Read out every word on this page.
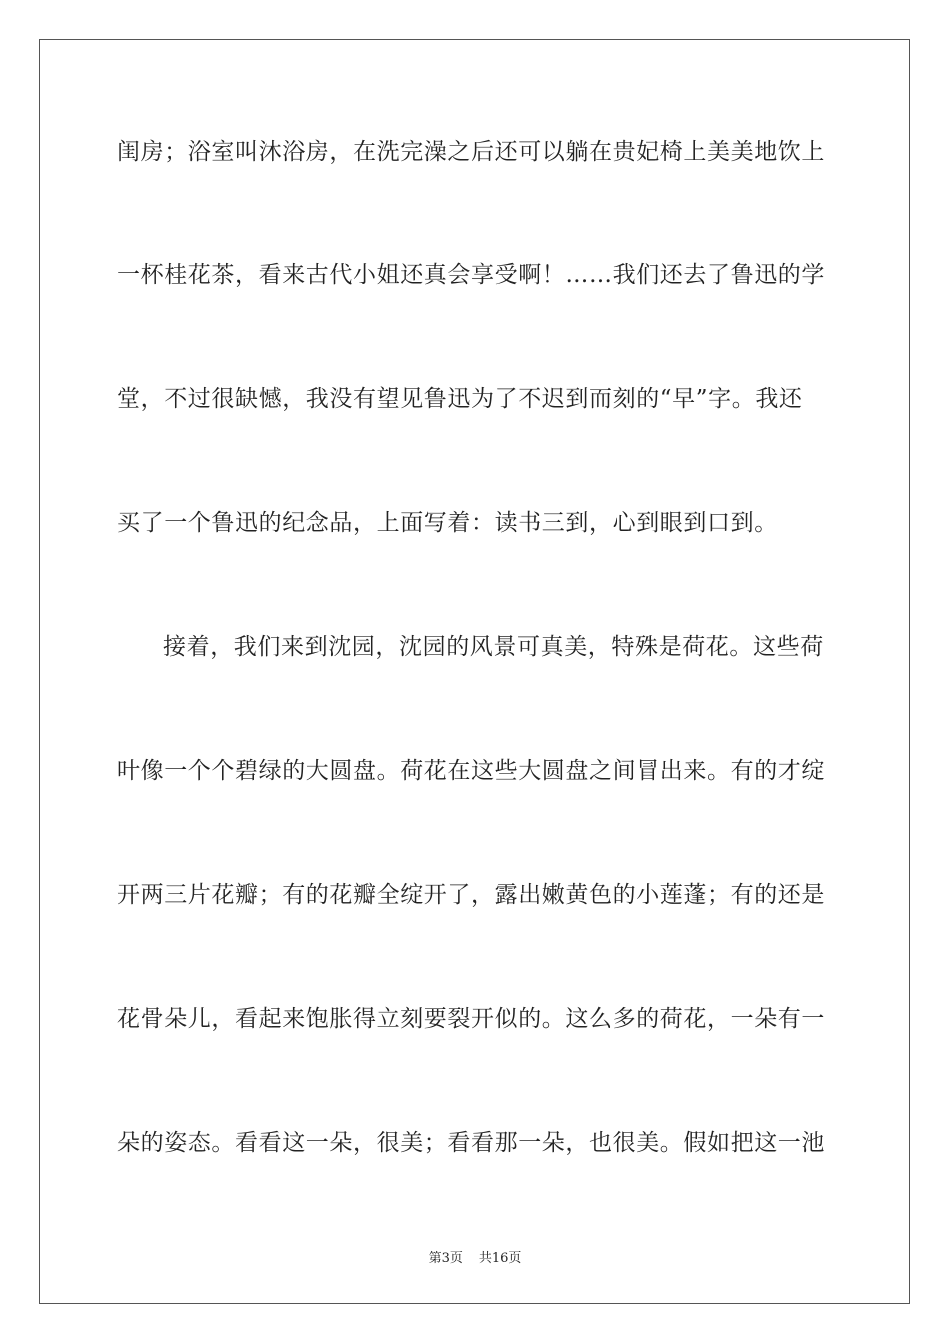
闺房；浴室叫沐浴房，在洗完澡之后还可以躺在贵妃椅上美美地饮上
一杯桂花茶，看来古代小姐还真会享受啊！……我们还去了鲁迅的学
堂，不过很缺憾，我没有望见鲁迅为了不迟到而刻的“早”字。我还
买了一个鲁迅的纪念品，上面写着：读书三到，心到眼到口到。
接着，我们来到沈园，沈园的风景可真美，特殊是荷花。这些荷
叶像一个个碧绿的大圆盘。荷花在这些大圆盘之间冒出来。有的才绽
开两三片花瓣；有的花瓣全绽开了，露出嫩黄色的小莲蓬；有的还是
花骨朵儿，看起来饱胀得立刻要裂开似的。这么多的荷花，一朵有一
朵的姿态。看看这一朵，很美；看看那一朵，也很美。假如把这一池
第3页 共16页
